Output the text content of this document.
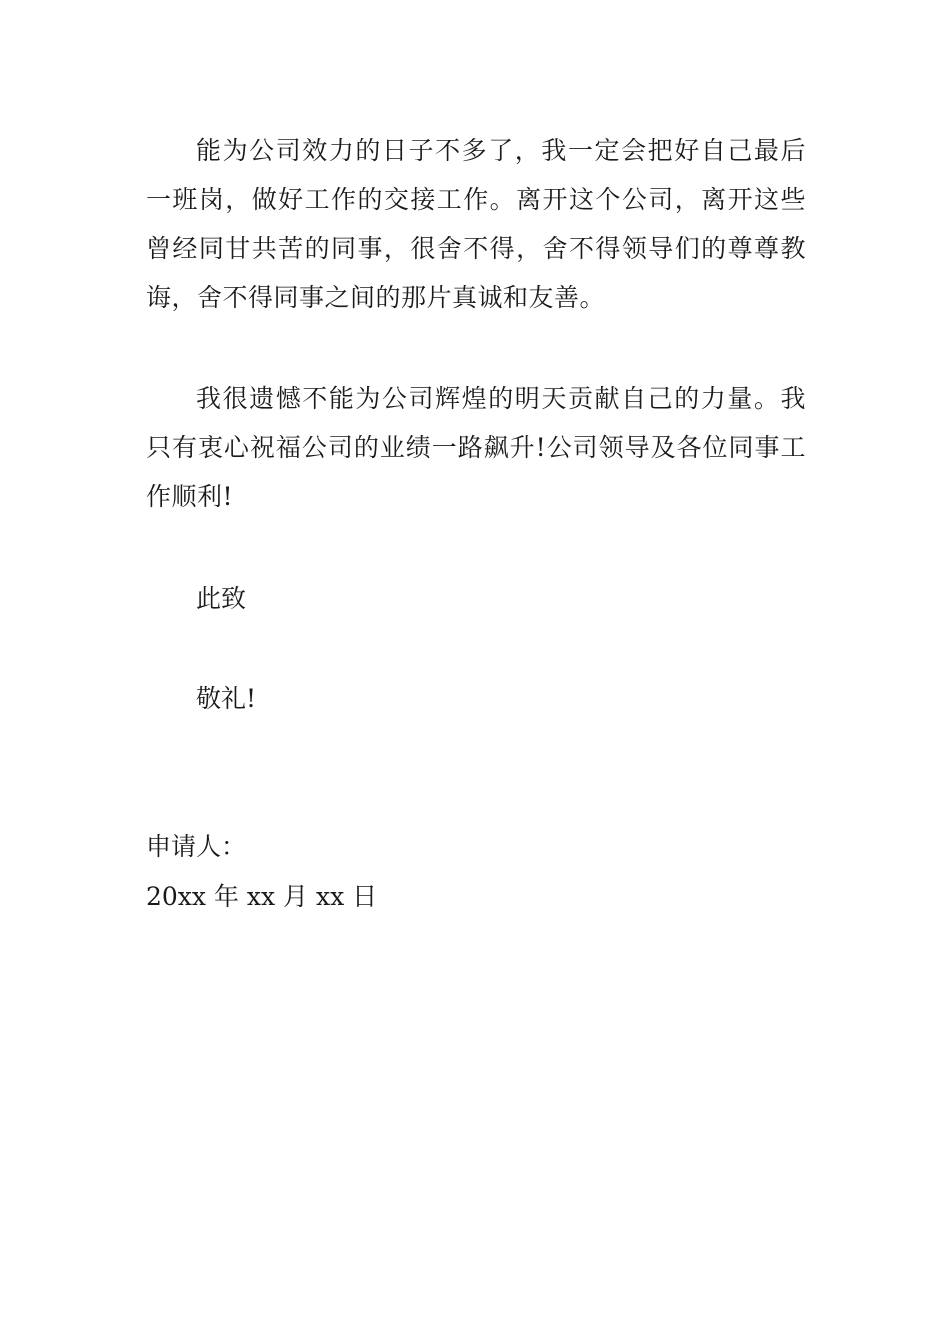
能为公司效力的日子不多了，我一定会把好自己最后一班岗，做好工作的交接工作。离开这个公司，离开这些曾经同甘共苦的同事，很舍不得，舍不得领导们的尊尊教诲，舍不得同事之间的那片真诚和友善。

我很遗憾不能为公司辉煌的明天贡献自己的力量。我只有衷心祝福公司的业绩一路飙升!公司领导及各位同事工作顺利!

此致

敬礼!

申请人：

20xx 年 xx 月 xx 日
